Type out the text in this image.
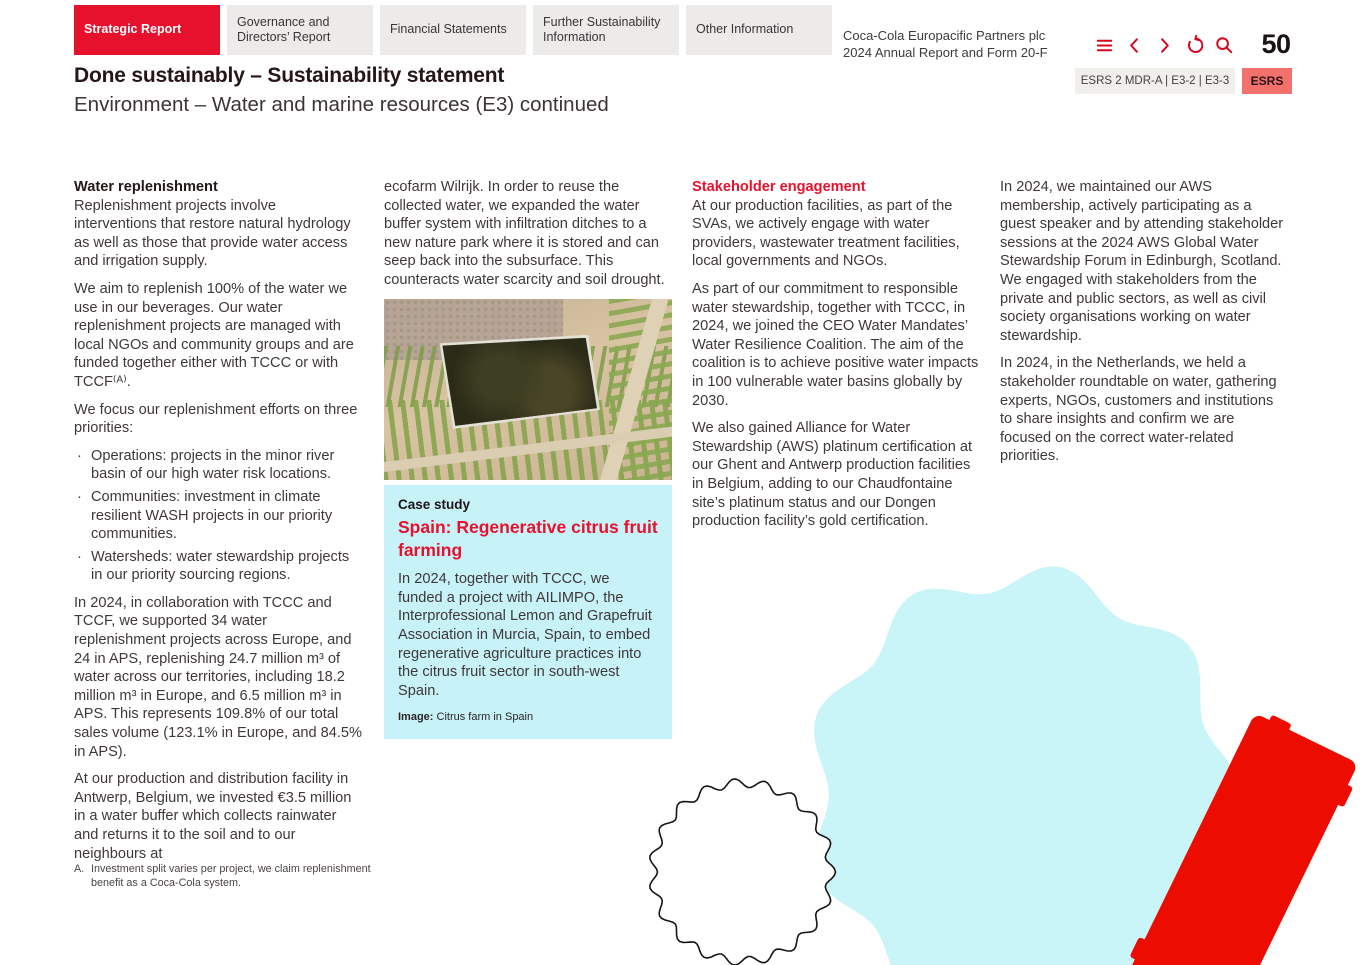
Strategic Report
Governance and Directors’ Report
Financial Statements
Further Sustainability Information
Other Information	Coca-Cola Europacific Partners plc
2024 Annual Report and Form 20-F	50
ESRS 2 MDR-A | E3-2 | E3-3	ESRS
Done sustainably – Sustainability statement
Environment – Water and marine resources (E3) continued
Water replenishment

Replenishment projects involve interventions that restore natural hydrology as well as those that provide water access and irrigation supply.

We aim to replenish 100% of the water we use in our beverages. Our water replenishment projects are managed with local NGOs and community groups and are funded together either with TCCC or with TCCF⁽ᴬ⁾.

We focus our replenishment efforts on three priorities:

· Operations: projects in the minor river basin of our high water risk locations.
· Communities: investment in climate resilient WASH projects in our priority communities.
· Watersheds: water stewardship projects in our priority sourcing regions.

In 2024, in collaboration with TCCC and TCCF, we supported 34 water replenishment projects across Europe, and 24 in APS, replenishing 24.7 million m³ of water across our territories, including 18.2 million m³ in Europe, and 6.5 million m³ in APS. This represents 109.8% of our total sales volume (123.1% in Europe, and 84.5% in APS).

At our production and distribution facility in Antwerp, Belgium, we invested €3.5 million in a water buffer which collects rainwater and returns it to the soil and to our neighbours at

ecofarm Wilrijk. In order to reuse the collected water, we expanded the water buffer system with infiltration ditches to a new nature park where it is stored and can seep back into the subsurface. This counteracts water scarcity and soil drought.

Case study
Spain: Regenerative citrus fruit farming
In 2024, together with TCCC, we funded a project with AILIMPO, the Interprofessional Lemon and Grapefruit Association in Murcia, Spain, to embed regenerative agriculture practices into the citrus fruit sector in south-west Spain.
Image: Citrus farm in Spain
Stakeholder engagement

At our production facilities, as part of the SVAs, we actively engage with water providers, wastewater treatment facilities, local governments and NGOs.

As part of our commitment to responsible water stewardship, together with TCCC, in 2024, we joined the CEO Water Mandates’ Water Resilience Coalition. The aim of the coalition is to achieve positive water impacts in 100 vulnerable water basins globally by 2030.

We also gained Alliance for Water Stewardship (AWS) platinum certification at our Ghent and Antwerp production facilities in Belgium, adding to our Chaudfontaine site’s platinum status and our Dongen production facility’s gold certification.

In 2024, we maintained our AWS membership, actively participating as a guest speaker and by attending stakeholder sessions at the 2024 AWS Global Water Stewardship Forum in Edinburgh, Scotland. We engaged with stakeholders from the private and public sectors, as well as civil society organisations working on water stewardship.

In 2024, in the Netherlands, we held a stakeholder roundtable on water, gathering experts, NGOs, customers and institutions to share insights and confirm we are focused on the correct water-related priorities.

A. Investment split varies per project, we claim replenishment benefit as a Coca-Cola system.
